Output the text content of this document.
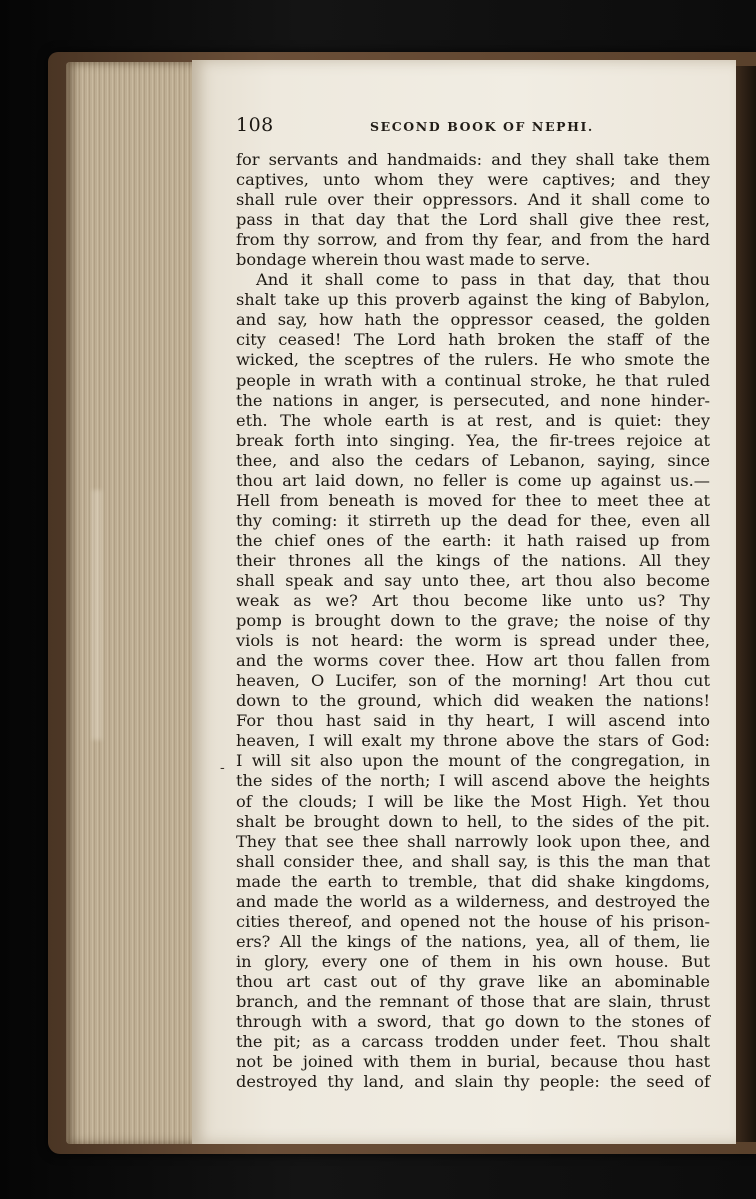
108	SECOND BOOK OF NEPHI.
-
for servants and handmaids: and they shall take them
captives, unto whom they were captives; and they
shall rule over their oppressors. And it shall come to
pass in that day that the Lord shall give thee rest,
from thy sorrow, and from thy fear, and from the hard
bondage wherein thou wast made to serve.
And it shall come to pass in that day, that thou
shalt take up this proverb against the king of Babylon,
and say, how hath the oppressor ceased, the golden
city ceased! The Lord hath broken the staff of the
wicked, the sceptres of the rulers. He who smote the
people in wrath with a continual stroke, he that ruled
the nations in anger, is persecuted, and none hinder-
eth. The whole earth is at rest, and is quiet: they
break forth into singing. Yea, the fir-trees rejoice at
thee, and also the cedars of Lebanon, saying, since
thou art laid down, no feller is come up against us.—
Hell from beneath is moved for thee to meet thee at
thy coming: it stirreth up the dead for thee, even all
the chief ones of the earth: it hath raised up from
their thrones all the kings of the nations. All they
shall speak and say unto thee, art thou also become
weak as we? Art thou become like unto us? Thy
pomp is brought down to the grave; the noise of thy
viols is not heard: the worm is spread under thee,
and the worms cover thee. How art thou fallen from
heaven, O Lucifer, son of the morning! Art thou cut
down to the ground, which did weaken the nations!
For thou hast said in thy heart, I will ascend into
heaven, I will exalt my throne above the stars of God:
I will sit also upon the mount of the congregation, in
the sides of the north; I will ascend above the heights
of the clouds; I will be like the Most High. Yet thou
shalt be brought down to hell, to the sides of the pit.
They that see thee shall narrowly look upon thee, and
shall consider thee, and shall say, is this the man that
made the earth to tremble, that did shake kingdoms,
and made the world as a wilderness, and destroyed the
cities thereof, and opened not the house of his prison-
ers? All the kings of the nations, yea, all of them, lie
in glory, every one of them in his own house. But
thou art cast out of thy grave like an abominable
branch, and the remnant of those that are slain, thrust
through with a sword, that go down to the stones of
the pit; as a carcass trodden under feet. Thou shalt
not be joined with them in burial, because thou hast
destroyed thy land, and slain thy people: the seed of
